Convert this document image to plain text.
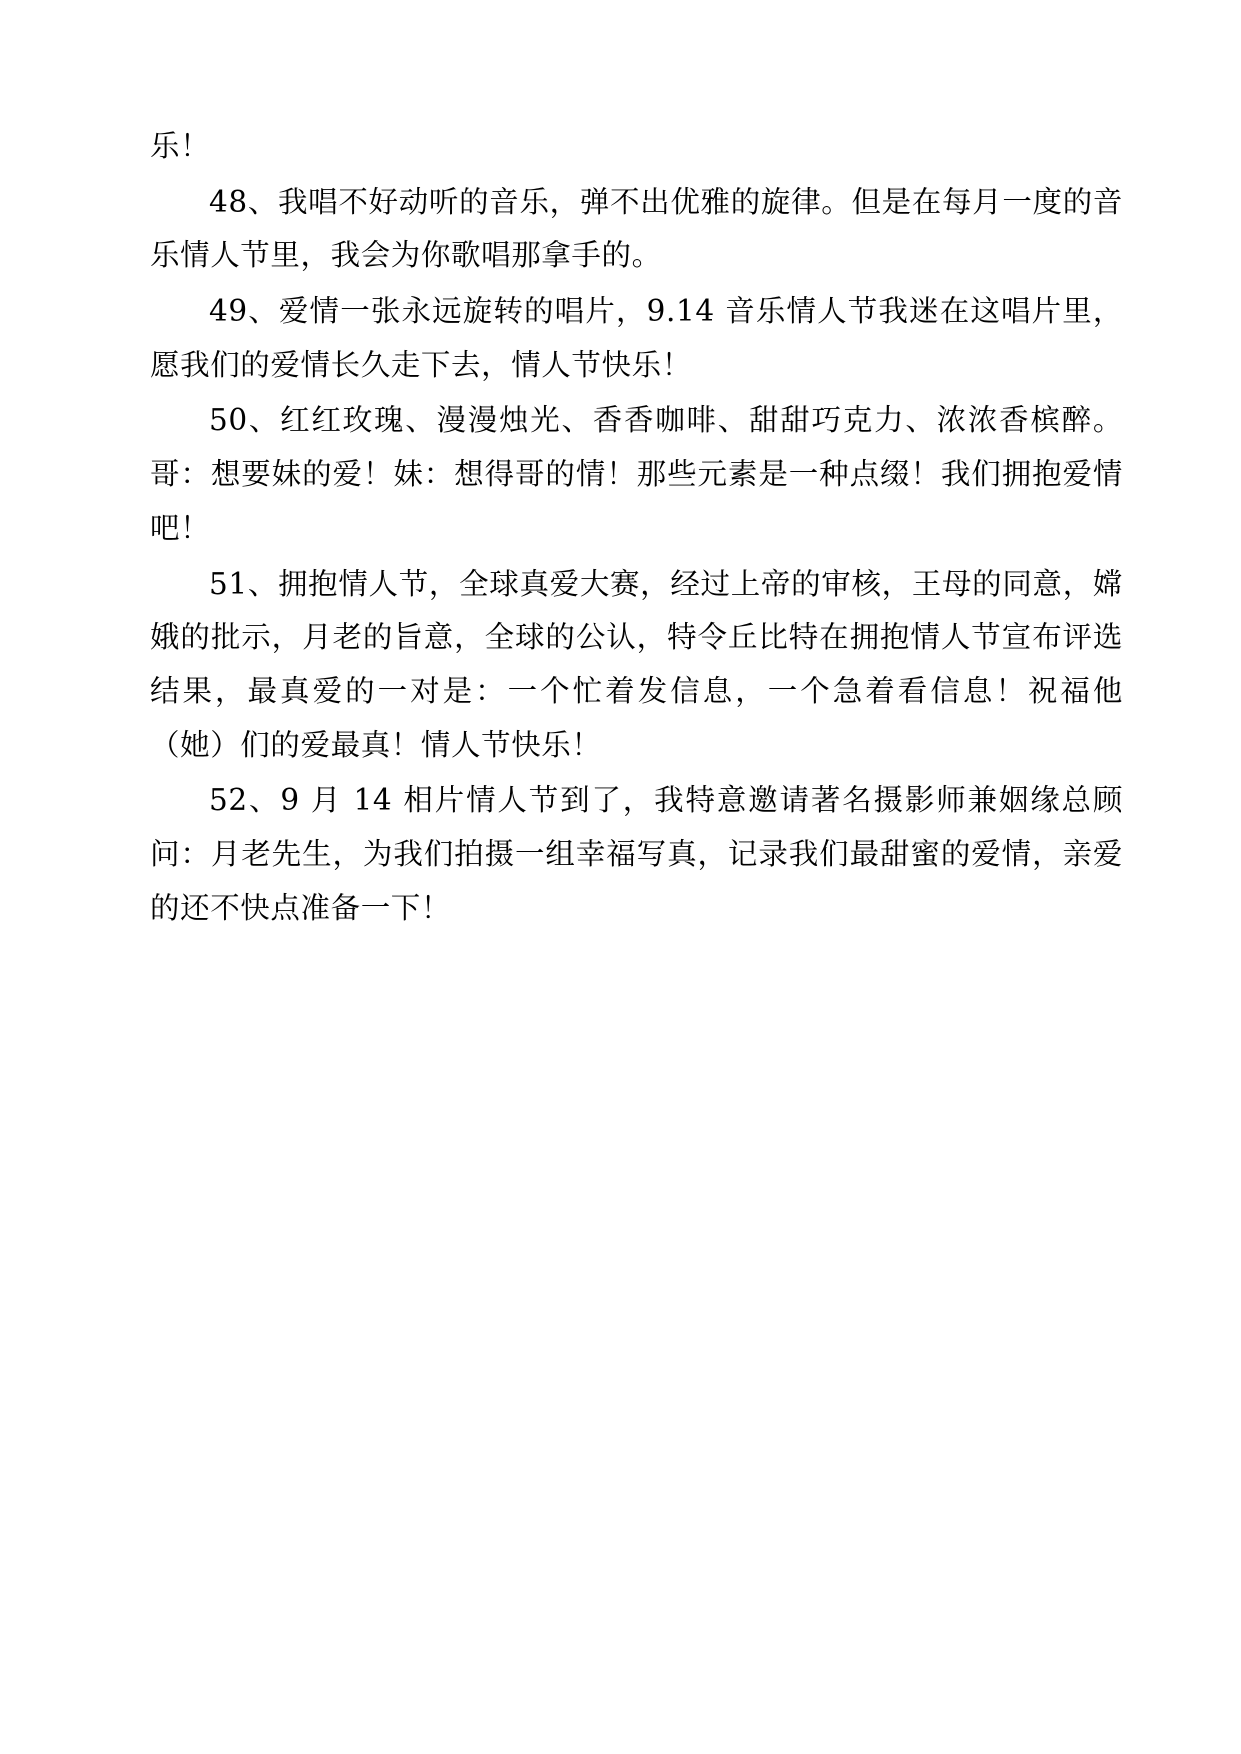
乐！

48、我唱不好动听的音乐，弹不出优雅的旋律。但是在每月一度的音乐情人节里，我会为你歌唱那拿手的。

49、爱情一张永远旋转的唱片，9.14 音乐情人节我迷在这唱片里，愿我们的爱情长久走下去，情人节快乐！

50、红红玫瑰、漫漫烛光、香香咖啡、甜甜巧克力、浓浓香槟醉。哥：想要妹的爱！妹：想得哥的情！那些元素是一种点缀！我们拥抱爱情吧！

51、拥抱情人节，全球真爱大赛，经过上帝的审核，王母的同意，嫦娥的批示，月老的旨意，全球的公认，特令丘比特在拥抱情人节宣布评选结果，最真爱的一对是：一个忙着发信息，一个急着看信息！祝福他（她）们的爱最真！情人节快乐！

52、9 月 14 相片情人节到了，我特意邀请著名摄影师兼姻缘总顾问：月老先生，为我们拍摄一组幸福写真，记录我们最甜蜜的爱情，亲爱的还不快点准备一下！
